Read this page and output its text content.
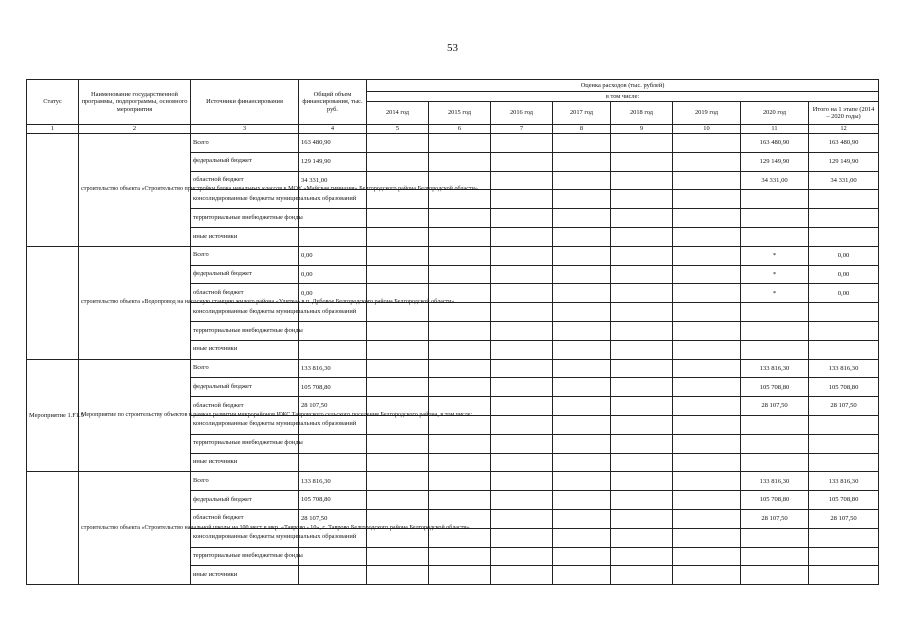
53
Статус	Наименование государственной программы, подпрограммы, основного мероприятия	Источники финансирования	Общий объем финансирования, тыс. руб.	Оценка расходов (тыс. рублей)							
				в том числе:							
				2014 год	2015 год	2016 год	2017 год	2018 год	2019 год	2020 год	Итого на 1 этапе (2014 – 2020 годы)
1	2	3	4	5	6	7	8	9	10	11	12
	строительство объекта «Строительство пристройки блока начальных классов к МОУ «Майская гимназия» Белгородского района Белгородской области»	Всего	163 480,90							163 480,90	163 480,90
		федеральный бюджет	129 149,90							129 149,90	129 149,90
		областной бюджет	34 331,00							34 331,00	34 331,00
		консолидированные бюджеты муниципальных образований									
		территориальные внебюджетные фонды									
		иные источники									
	строительство объекта «Водопровод на насосную станцию жилого района «Улитка» в п. Дубовое Белгородского района Белгородской области»	Всего	0,00							*	0,00
		федеральный бюджет	0,00							*	0,00
		областной бюджет	0,00							*	0,00
		консолидированные бюджеты муниципальных образований									
		территориальные внебюджетные фонды									
		иные источники									
Мероприятие 1.F1.5	Мероприятие по строительству объектов в рамках развития микрорайонов ИЖС Тавровского сельского поселения Белгородского района, в том числе:	Всего	133 816,30							133 816,30	133 816,30
		федеральный бюджет	105 708,80							105 708,80	105 708,80
		областной бюджет	28 107,50							28 107,50	28 107,50
		консолидированные бюджеты муниципальных образований									
		территориальные внебюджетные фонды									
		иные источники									
	строительство объекта «Строительство начальной школы на 100 мест в мкр. «Таврово - 10», с. Таврово Белгородского района Белгородской области»	Всего	133 816,30							133 816,30	133 816,30
		федеральный бюджет	105 708,80							105 708,80	105 708,80
		областной бюджет	28 107,50							28 107,50	28 107,50
		консолидированные бюджеты муниципальных образований									
		территориальные внебюджетные фонды									
		иные источники									
